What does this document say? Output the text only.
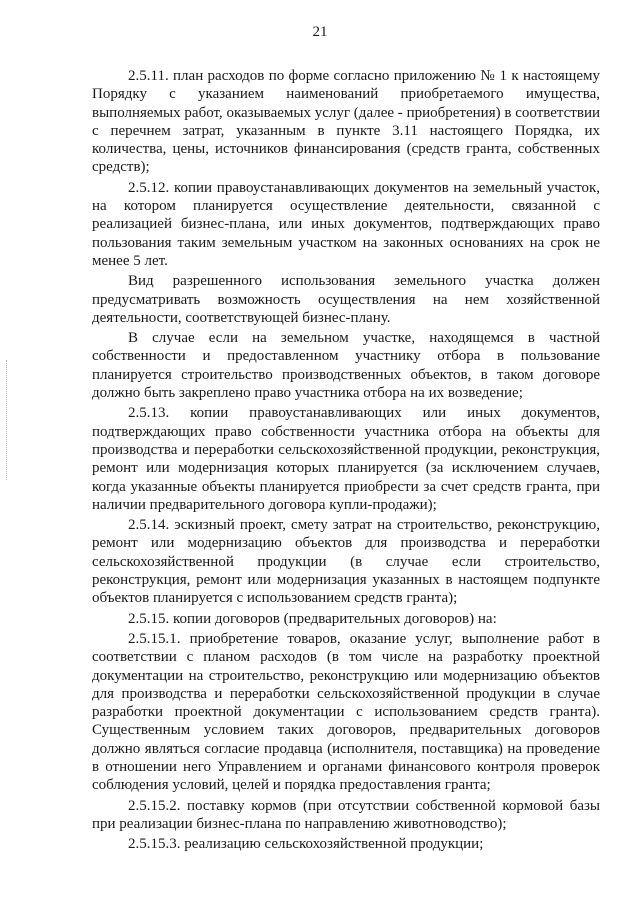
21

2.5.11. план расходов по форме согласно приложению № 1 к настоящему Порядку с указанием наименований приобретаемого имущества, выполняемых работ, оказываемых услуг (далее - приобретения) в соответствии с перечнем затрат, указанным в пункте 3.11 настоящего Порядка, их количества, цены, источников финансирования (средств гранта, собственных средств);

2.5.12. копии правоустанавливающих документов на земельный участок, на котором планируется осуществление деятельности, связанной с реализацией бизнес-плана, или иных документов, подтверждающих право пользования таким земельным участком на законных основаниях на срок не менее 5 лет.

Вид разрешенного использования земельного участка должен предусматривать возможность осуществления на нем хозяйственной деятельности, соответствующей бизнес-плану.

В случае если на земельном участке, находящемся в частной собственности и предоставленном участнику отбора в пользование планируется строительство производственных объектов, в таком договоре должно быть закреплено право участника отбора на их возведение;

2.5.13. копии правоустанавливающих или иных документов, подтверждающих право собственности участника отбора на объекты для производства и переработки сельскохозяйственной продукции, реконструкция, ремонт или модернизация которых планируется (за исключением случаев, когда указанные объекты планируется приобрести за счет средств гранта, при наличии предварительного договора купли-продажи);

2.5.14. эскизный проект, смету затрат на строительство, реконструкцию, ремонт или модернизацию объектов для производства и переработки сельскохозяйственной продукции (в случае если строительство, реконструкция, ремонт или модернизация указанных в настоящем подпункте объектов планируется с использованием средств гранта);

2.5.15. копии договоров (предварительных договоров) на:

2.5.15.1. приобретение товаров, оказание услуг, выполнение работ в соответствии с планом расходов (в том числе на разработку проектной документации на строительство, реконструкцию или модернизацию объектов для производства и переработки сельскохозяйственной продукции в случае разработки проектной документации с использованием средств гранта). Существенным условием таких договоров, предварительных договоров должно являться согласие продавца (исполнителя, поставщика) на проведение в отношении него Управлением и органами финансового контроля проверок соблюдения условий, целей и порядка предоставления гранта;

2.5.15.2. поставку кормов (при отсутствии собственной кормовой базы при реализации бизнес-плана по направлению животноводство);

2.5.15.3. реализацию сельскохозяйственной продукции;
